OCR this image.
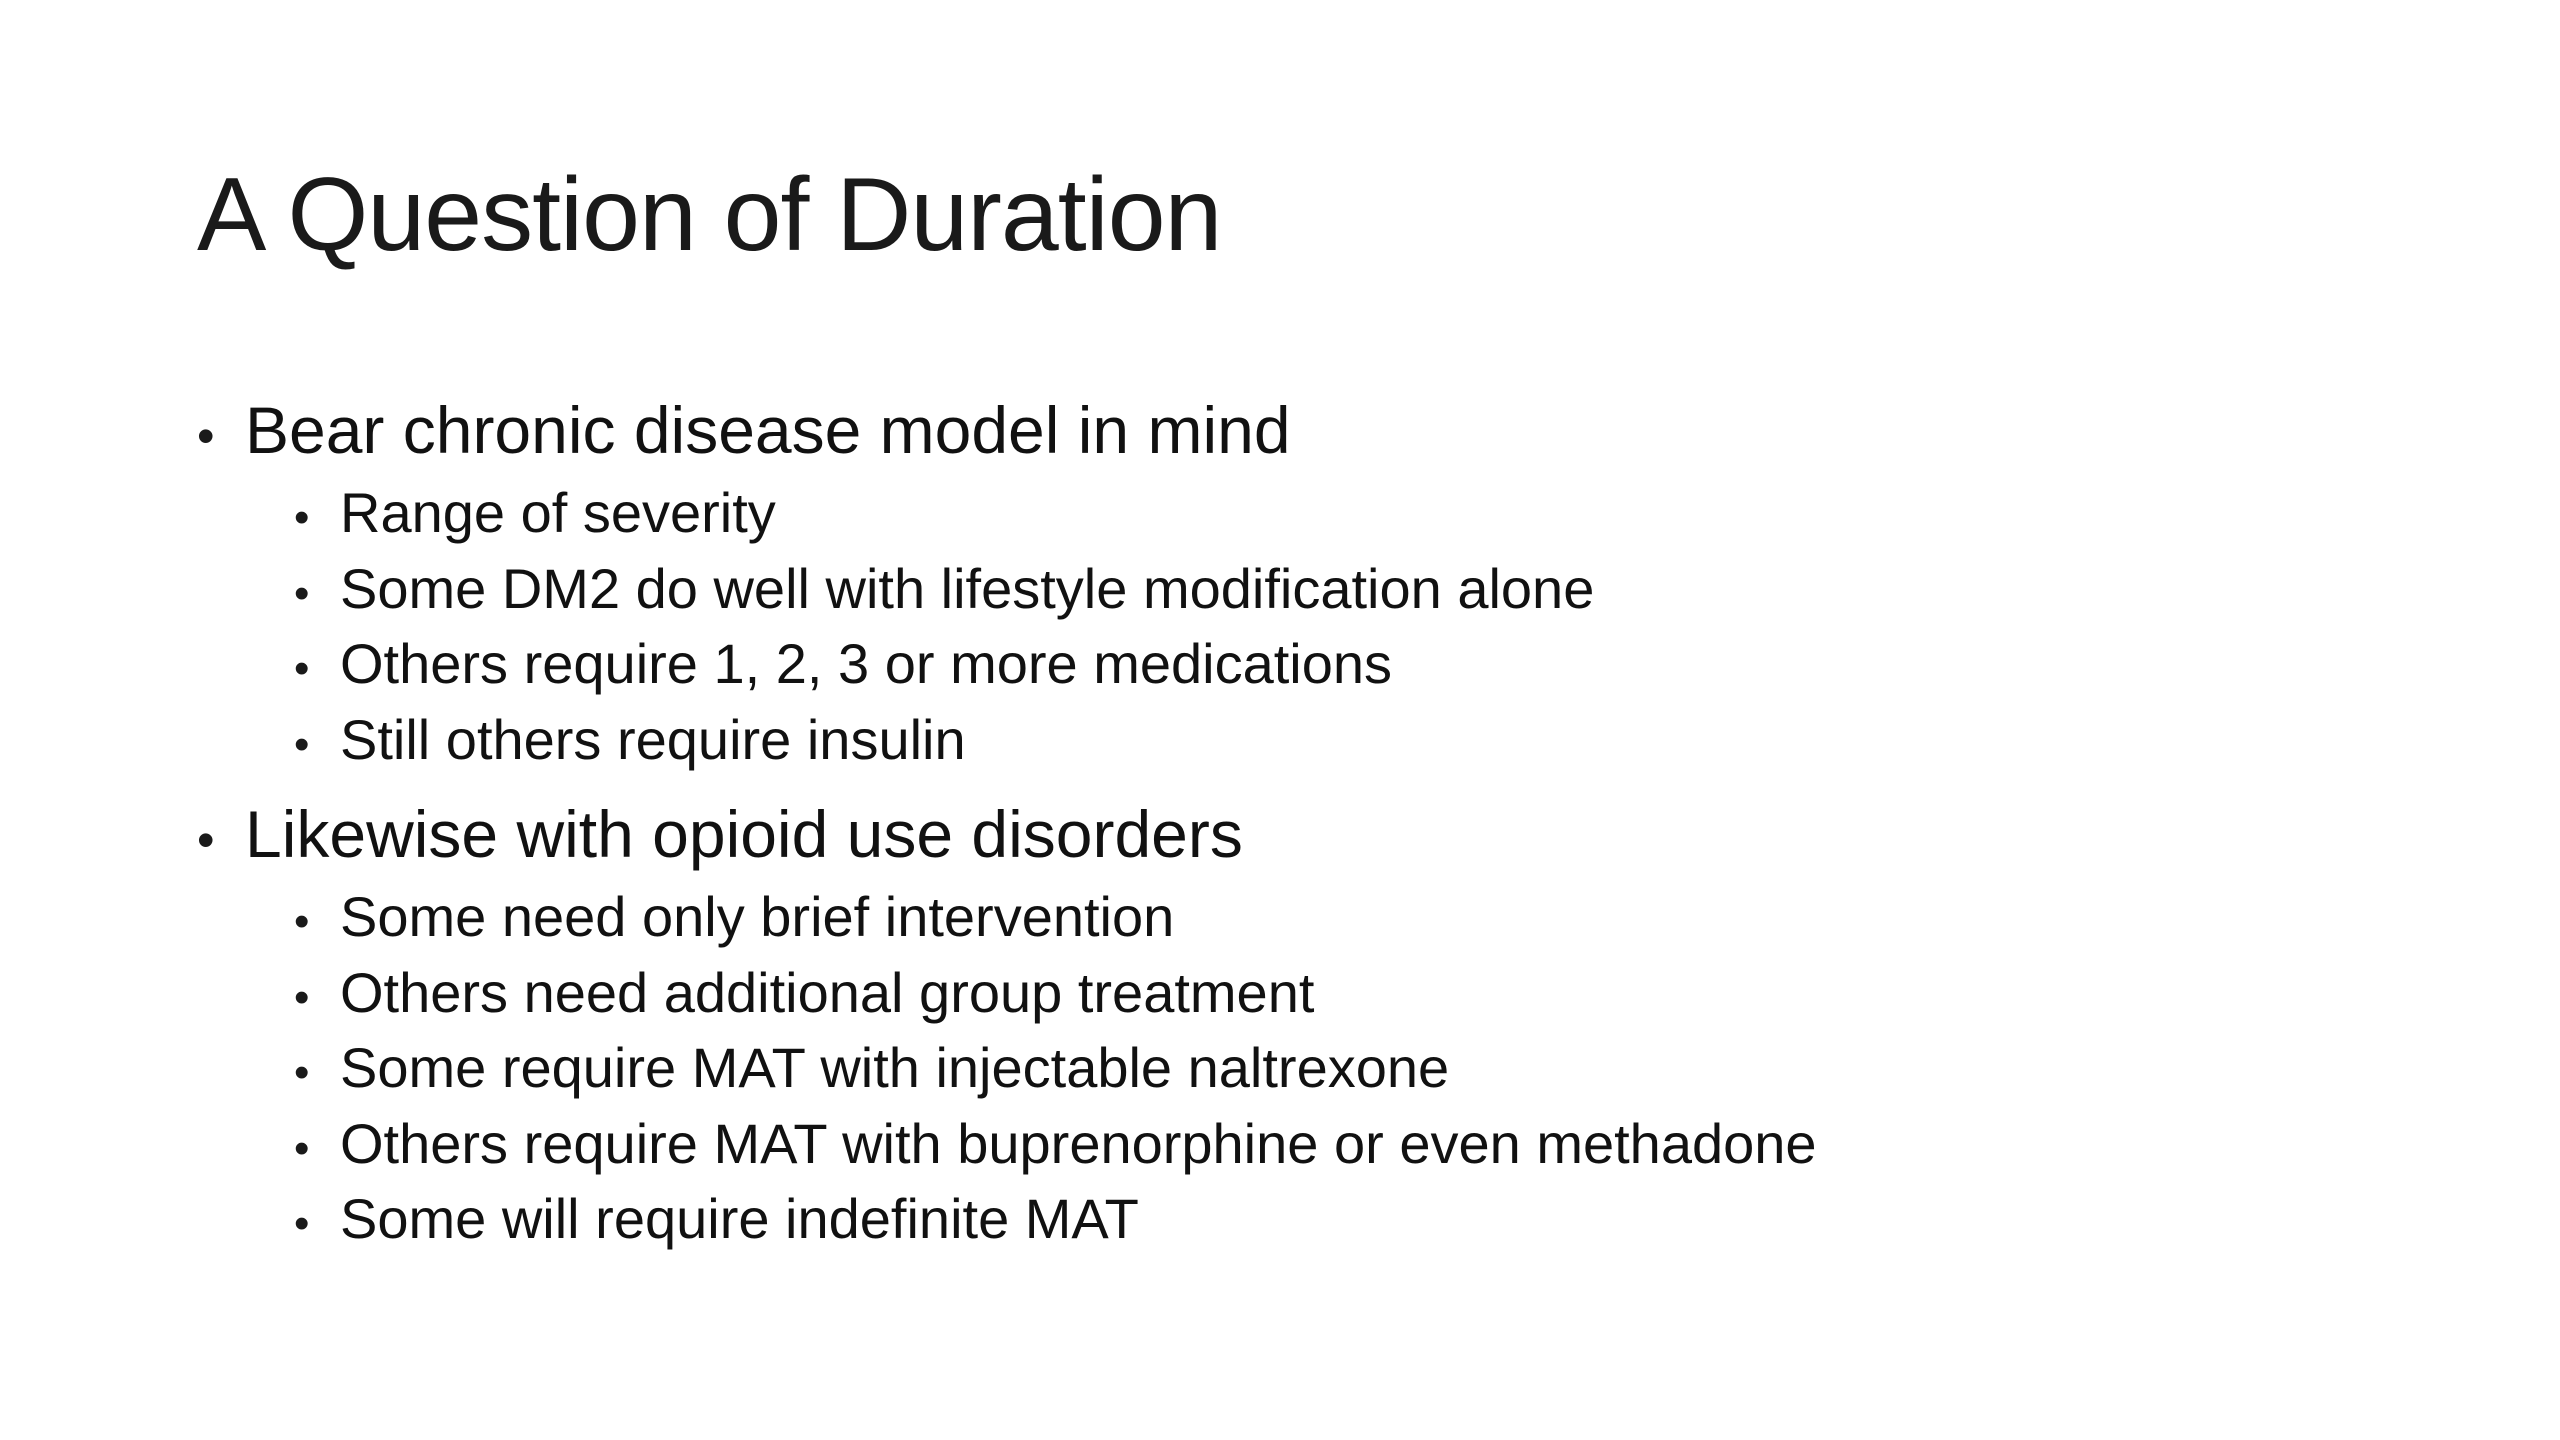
A Question of Duration
• Bear chronic disease model in mind
• Range of severity
• Some DM2 do well with lifestyle modification alone
• Others require 1, 2, 3 or more medications
• Still others require insulin
• Likewise with opioid use disorders
• Some need only brief intervention
• Others need additional group treatment
• Some require MAT with injectable naltrexone
• Others require MAT with buprenorphine or even methadone
• Some will require indefinite MAT
